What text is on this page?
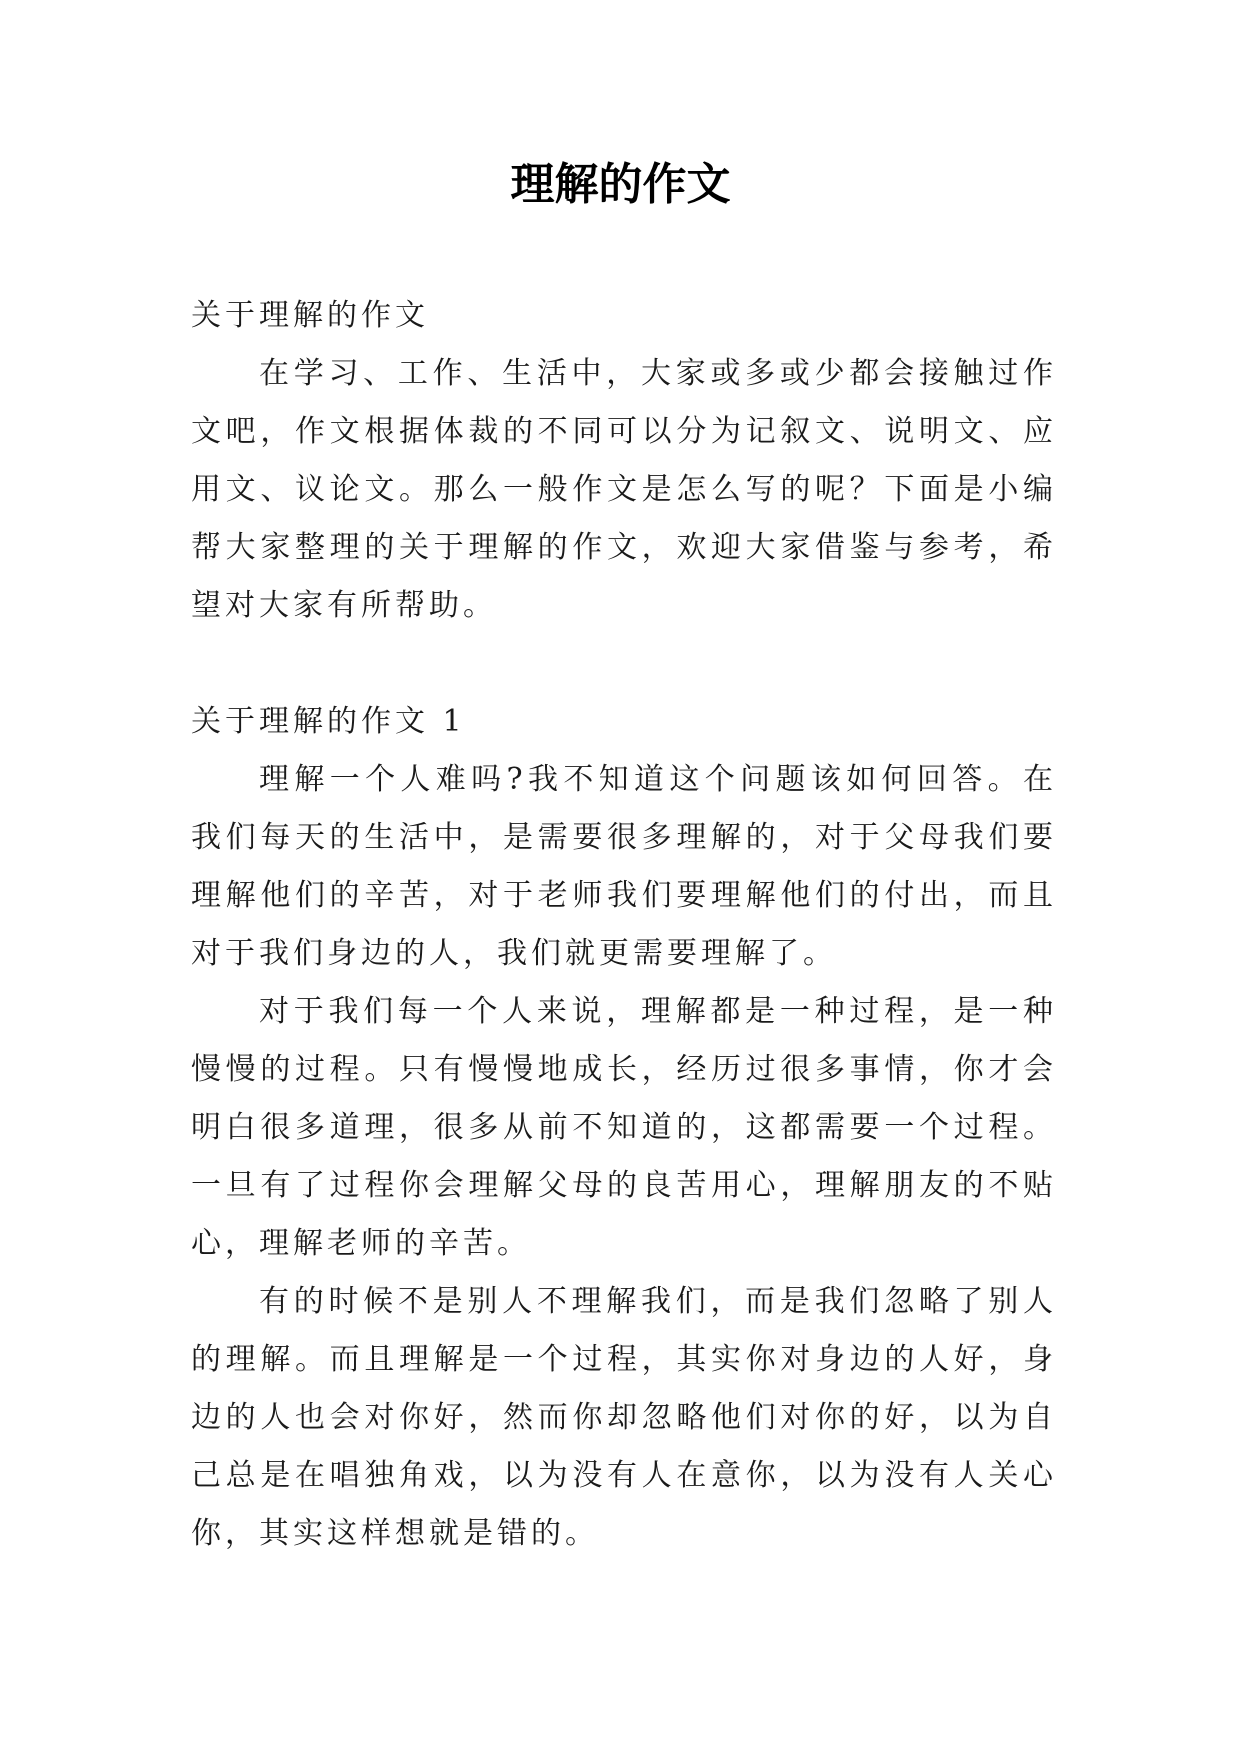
理解的作文

关于理解的作文

在学习、工作、生活中，大家或多或少都会接触过作文吧，作文根据体裁的不同可以分为记叙文、说明文、应用文、议论文。那么一般作文是怎么写的呢？下面是小编帮大家整理的关于理解的作文，欢迎大家借鉴与参考，希望对大家有所帮助。

关于理解的作文 1

理解一个人难吗?我不知道这个问题该如何回答。在我们每天的生活中，是需要很多理解的，对于父母我们要理解他们的辛苦，对于老师我们要理解他们的付出，而且对于我们身边的人，我们就更需要理解了。

对于我们每一个人来说，理解都是一种过程，是一种慢慢的过程。只有慢慢地成长，经历过很多事情，你才会明白很多道理，很多从前不知道的，这都需要一个过程。一旦有了过程你会理解父母的良苦用心，理解朋友的不贴心，理解老师的辛苦。

有的时候不是别人不理解我们，而是我们忽略了别人的理解。而且理解是一个过程，其实你对身边的人好，身边的人也会对你好，然而你却忽略他们对你的好，以为自己总是在唱独角戏，以为没有人在意你，以为没有人关心你，其实这样想就是错的。
